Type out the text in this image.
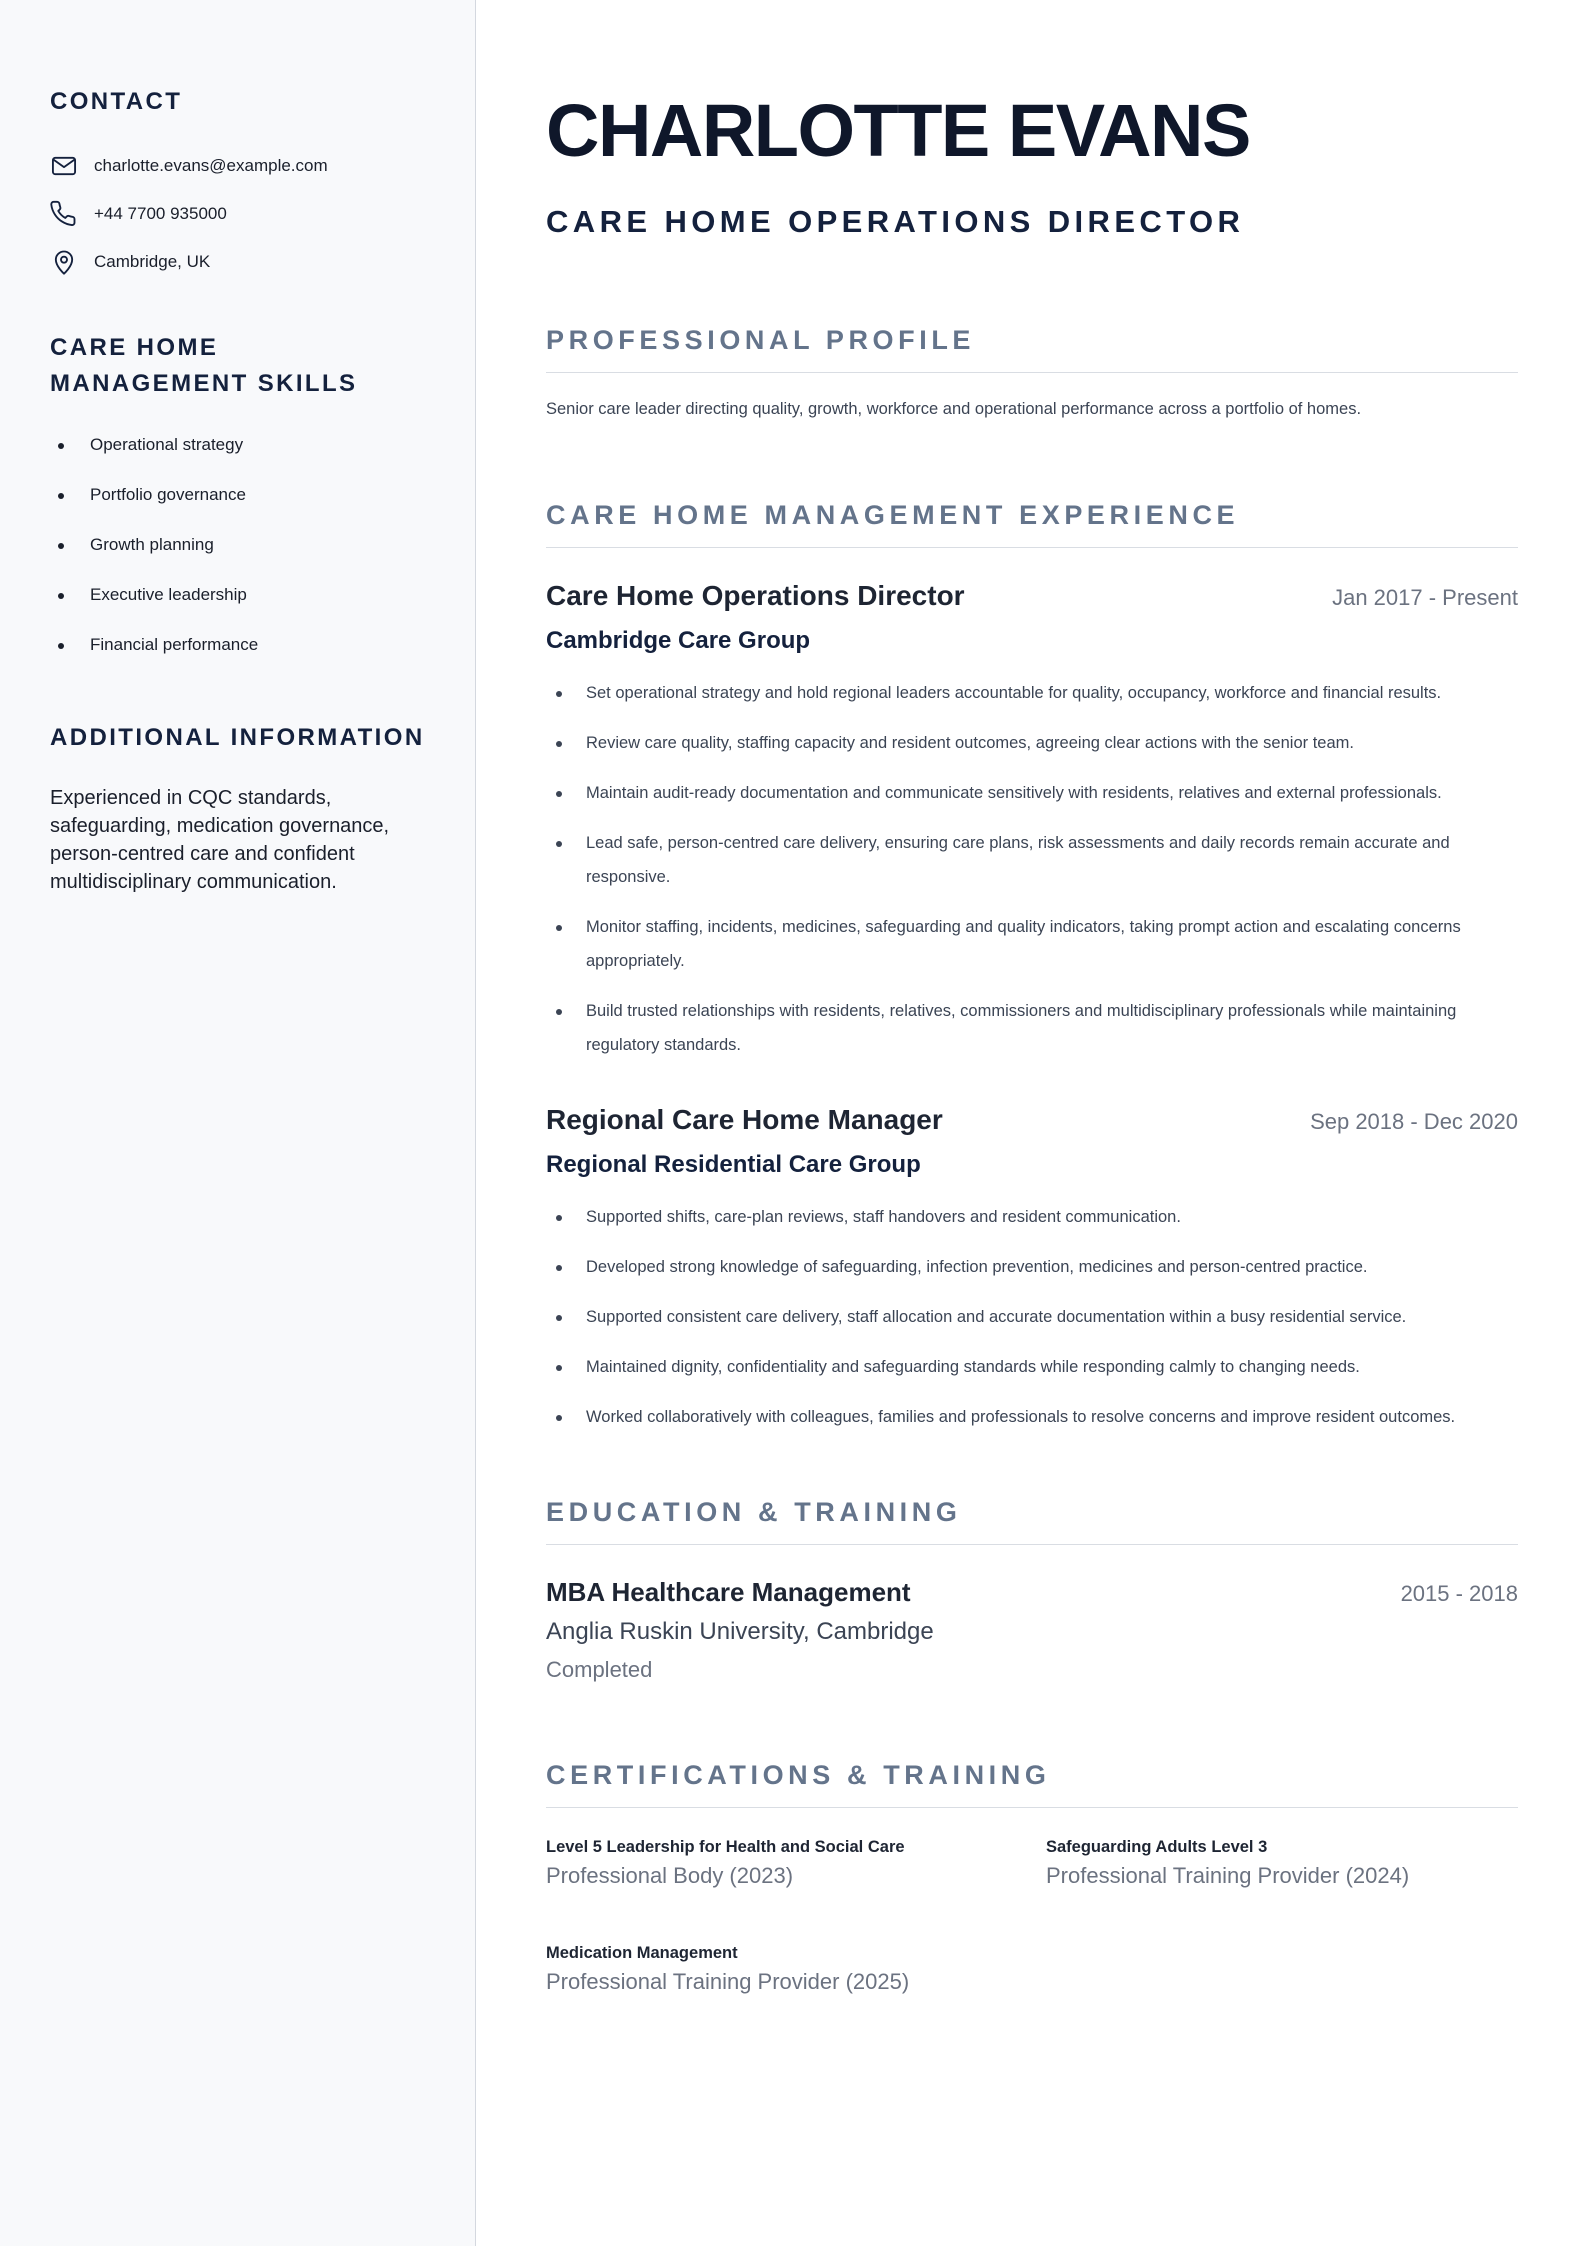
CONTACT
charlotte.evans@example.com
+44 7700 935000
Cambridge, UK
CARE HOME MANAGEMENT SKILLS
Operational strategy
Portfolio governance
Growth planning
Executive leadership
Financial performance
ADDITIONAL INFORMATION

Experienced in CQC standards, safeguarding, medication governance, person-centred care and confident multidisciplinary communication.

CHARLOTTE EVANS
CARE HOME OPERATIONS DIRECTOR
PROFESSIONAL PROFILE

Senior care leader directing quality, growth, workforce and operational performance across a portfolio of homes.

CARE HOME MANAGEMENT EXPERIENCE
Care Home Operations Director	Jan 2017 - Present
Cambridge Care Group
Set operational strategy and hold regional leaders accountable for quality, occupancy, workforce and financial results.
Review care quality, staffing capacity and resident outcomes, agreeing clear actions with the senior team.
Maintain audit-ready documentation and communicate sensitively with residents, relatives and external professionals.
Lead safe, person-centred care delivery, ensuring care plans, risk assessments and daily records remain accurate and responsive.
Monitor staffing, incidents, medicines, safeguarding and quality indicators, taking prompt action and escalating concerns appropriately.
Build trusted relationships with residents, relatives, commissioners and multidisciplinary professionals while maintaining regulatory standards.
Regional Care Home Manager	Sep 2018 - Dec 2020
Regional Residential Care Group
Supported shifts, care-plan reviews, staff handovers and resident communication.
Developed strong knowledge of safeguarding, infection prevention, medicines and person-centred practice.
Supported consistent care delivery, staff allocation and accurate documentation within a busy residential service.
Maintained dignity, confidentiality and safeguarding standards while responding calmly to changing needs.
Worked collaboratively with colleagues, families and professionals to resolve concerns and improve resident outcomes.
EDUCATION & TRAINING
MBA Healthcare Management	2015 - 2018
Anglia Ruskin University, Cambridge
Completed
CERTIFICATIONS & TRAINING
Level 5 Leadership for Health and Social Care
Professional Body (2023)
Safeguarding Adults Level 3
Professional Training Provider (2024)
Medication Management
Professional Training Provider (2025)
